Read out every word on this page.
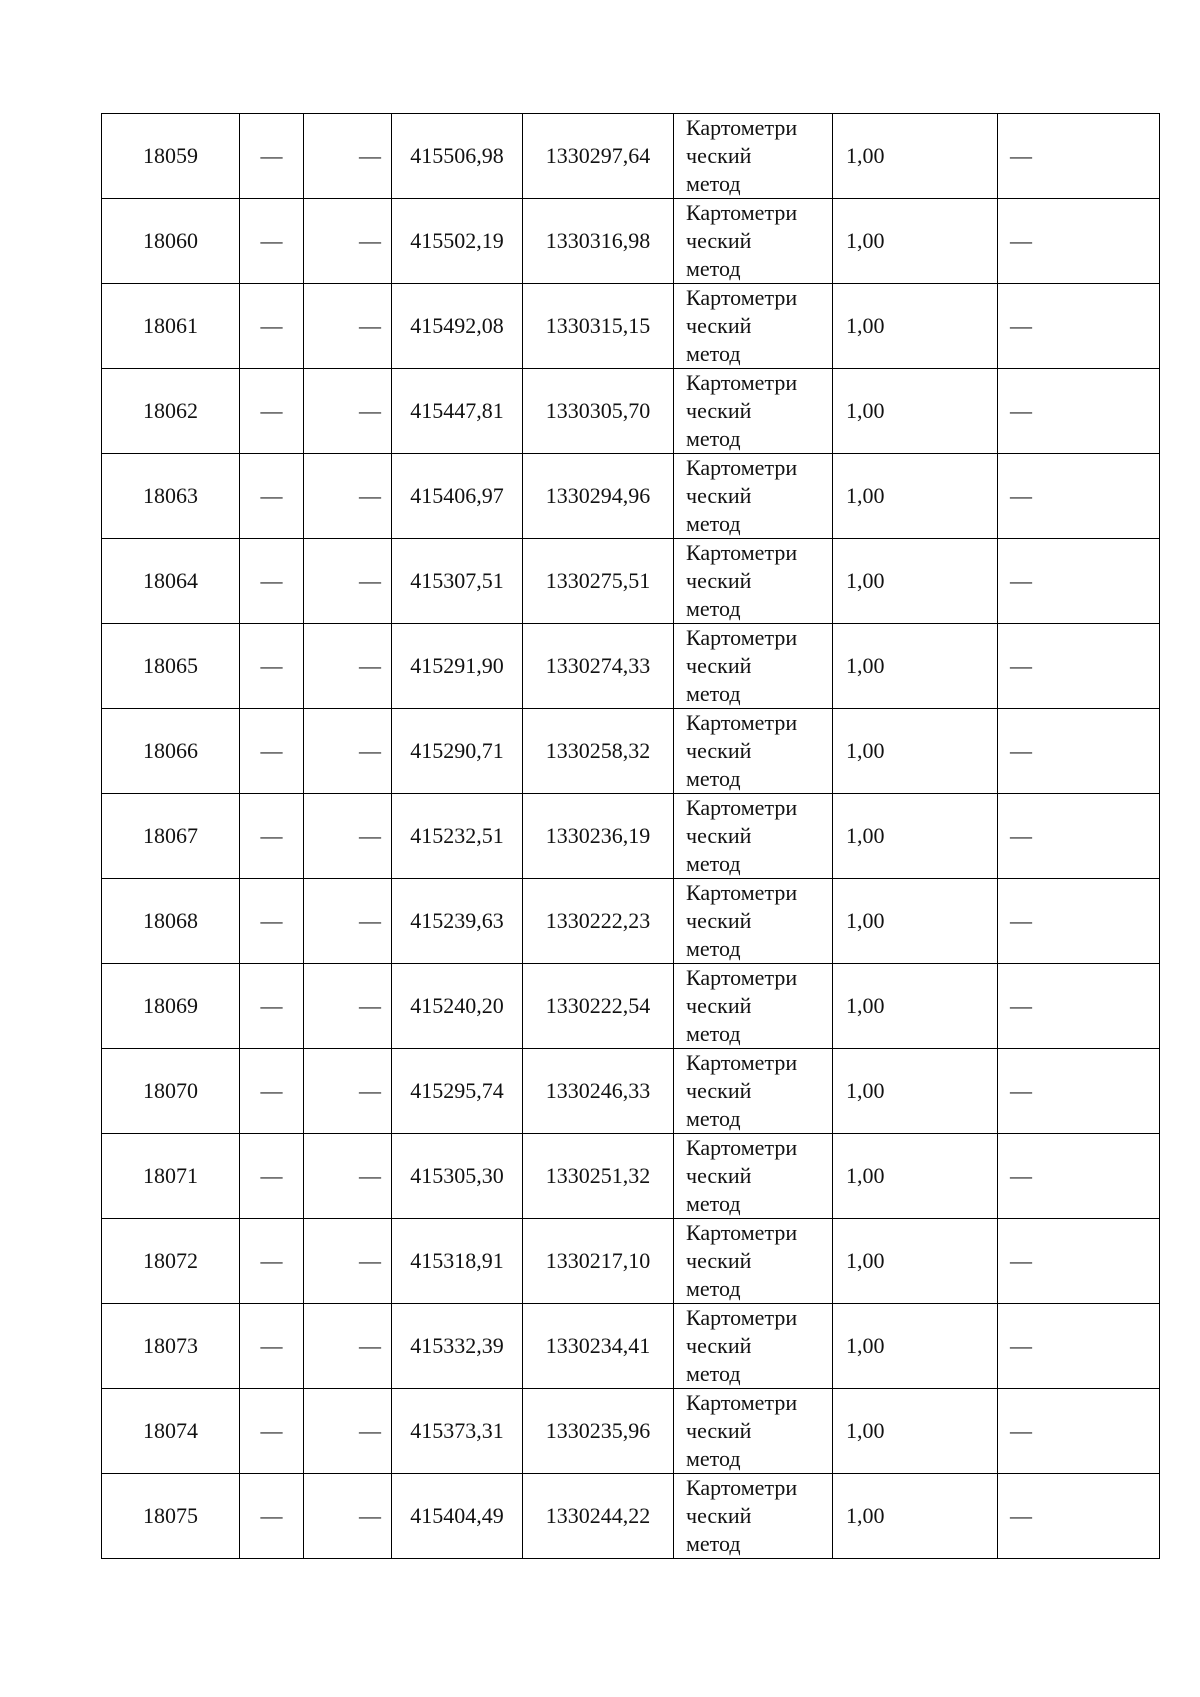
18059	—	—	415506,98	1330297,64	Картометри
ческий
метод	1,00	—
18060	—	—	415502,19	1330316,98	Картометри
ческий
метод	1,00	—
18061	—	—	415492,08	1330315,15	Картометри
ческий
метод	1,00	—
18062	—	—	415447,81	1330305,70	Картометри
ческий
метод	1,00	—
18063	—	—	415406,97	1330294,96	Картометри
ческий
метод	1,00	—
18064	—	—	415307,51	1330275,51	Картометри
ческий
метод	1,00	—
18065	—	—	415291,90	1330274,33	Картометри
ческий
метод	1,00	—
18066	—	—	415290,71	1330258,32	Картометри
ческий
метод	1,00	—
18067	—	—	415232,51	1330236,19	Картометри
ческий
метод	1,00	—
18068	—	—	415239,63	1330222,23	Картометри
ческий
метод	1,00	—
18069	—	—	415240,20	1330222,54	Картометри
ческий
метод	1,00	—
18070	—	—	415295,74	1330246,33	Картометри
ческий
метод	1,00	—
18071	—	—	415305,30	1330251,32	Картометри
ческий
метод	1,00	—
18072	—	—	415318,91	1330217,10	Картометри
ческий
метод	1,00	—
18073	—	—	415332,39	1330234,41	Картометри
ческий
метод	1,00	—
18074	—	—	415373,31	1330235,96	Картометри
ческий
метод	1,00	—
18075	—	—	415404,49	1330244,22	Картометри
ческий
метод	1,00	—
